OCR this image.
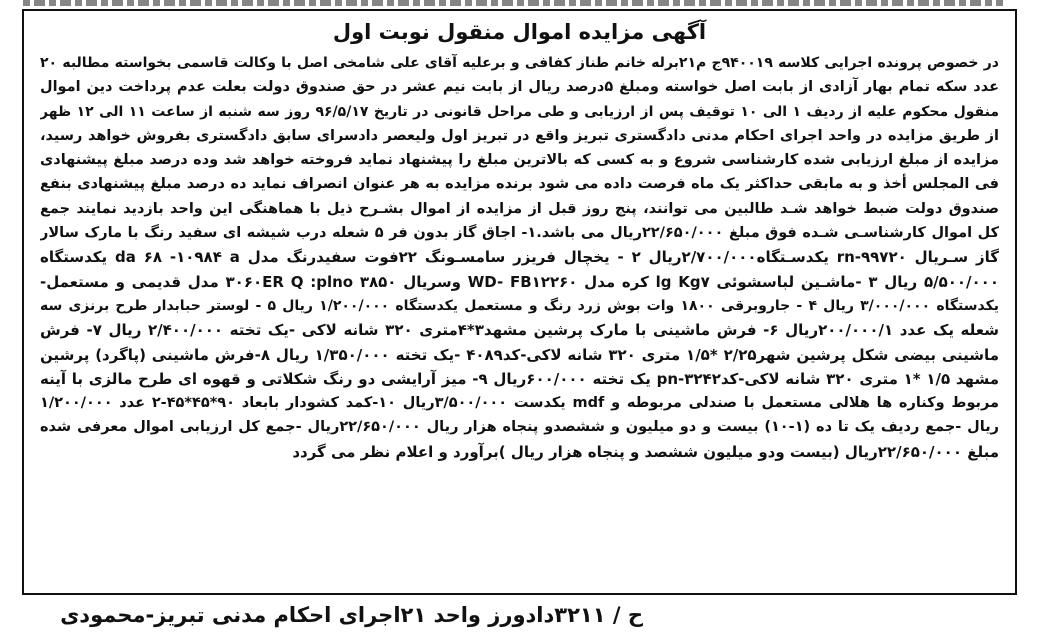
آگهی مزایده اموال منقول نوبت اول
در خصوص پرونده اجرایی کلاسه ۹۴۰۰۱۹ج م۲۱برله خانم طناز کفافی و برعلیه آقای علی شامخی اصل با وکالت قاسمی بخواسته مطالبه ۲۰
عدد سکه تمام بهار آزادی از بابت اصل خواسته ومبلغ ۵درصد ریال از بابت نیم عشر در حق صندوق دولت بعلت عدم پرداخت دین اموال
منقول محکوم علیه از ردیف ۱ الی ۱۰ توقیف پس از ارزیابی و طی مراحل قانونی در تاریخ ۹۶/۵/۱۷ روز سه شنبه از ساعت ۱۱ الی ۱۲ ظهر
از طریق مزایده در واحد اجرای احکام مدنی دادگستری تبریز واقع در تبریز اول ولیعصر دادسرای سابق دادگستری بفروش خواهد رسید،
مزایده از مبلغ ارزیابی شده کارشناسی شروع و به کسی که بالاترین مبلغ را پیشنهاد نماید فروخته خواهد شد وده درصد مبلغ پیشنهادی
فی المجلس أخذ و به مابقی حداکثر یک ماه فرصت داده می شود برنده مزایده به هر عنوان انصراف نماید ده درصد مبلغ پیشنهادی بنفع
صندوق دولت ضبط خواهد شـد طالبین می توانند، پنج روز قبل از مزایده از اموال بشـرح ذیل با هماهنگی این واحد بازدید نمایند جمع
کل اموال کارشناسـی شـده فوق مبلغ ۲۲/۶۵۰/۰۰۰ریال می باشد.۱- اجاق گاز بدون فر ۵ شعله درب شیشه ای سفید رنگ با مارک سالار
گاز سـریال rn-۹۹۷۲۰ یکدسـتگاه۲/۷۰۰/۰۰۰ریال ۲ - یخچال فریزر سامسـونگ ۲۲فوت سفیدرنگ مدل da ۶۸ -۱۰۹۸۴ a یکدستگاه
۵/۵۰۰/۰۰۰ ریال ۳ -ماشـین لباسشوئی lg Kg۷ کره مدل WD- FB۱۲۲۶۰ وسریال ۳۸۵۰ ۳۰۶۰ER Q :plno مدل قدیمی و مستعمل-
یکدستگاه ۳/۰۰۰/۰۰۰ ریال ۴ - جاروبرقی ۱۸۰۰ وات بوش زرد رنگ و مستعمل یکدستگاه ۱/۲۰۰/۰۰۰ ریال ۵ - لوستر حبابدار طرح برنزی سه
شعله یک عدد ۲۰۰/۰۰۰/۱ریال ۶- فرش ماشینی با مارک پرشین مشهد۳*۴متری ۳۲۰ شانه لاکی -یک تخته ۲/۴۰۰/۰۰۰ ریال ۷- فرش
ماشینی بیضی شکل پرشین شهر۲/۲۵ *۱/۵ متری ۳۲۰ شانه لاکی-کد۴۰۸۹ -یک تخته ۱/۳۵۰/۰۰۰ ریال ۸-فرش ماشینی (پاگرد) پرشین
مشهد ۱/۵ *۱ متری ۳۲۰ شانه لاکی-کد۳۲۴۲-pn یک تخته ۶۰۰/۰۰۰ریال ۹- میز آرایشی دو رنگ شکلاتی و قهوه ای طرح مالزی با آینه
مربوط وکناره ها هلالی مستعمل با صندلی مربوطه و mdf یکدست ۳/۵۰۰/۰۰۰ریال ۱۰-کمد کشودار بابعاد ۹۰*۴۵*۴۵-۲ عدد ۱/۲۰۰/۰۰۰
ریال -جمع ردیف یک تا ده (۱-۱۰) بیست و دو میلیون و ششصدو پنجاه هزار ریال ۲۲/۶۵۰/۰۰۰ریال -جمع کل ارزیابی اموال معرفی شده
مبلغ ۲۲/۶۵۰/۰۰۰ریال (بیست ودو میلیون ششصد و پنجاه هزار ریال )برآورد و اعلام نظر می گردد
ح / ۳۲۱۱دادورز واحد ۲۱اجرای احکام مدنی تبریز-محمودی
